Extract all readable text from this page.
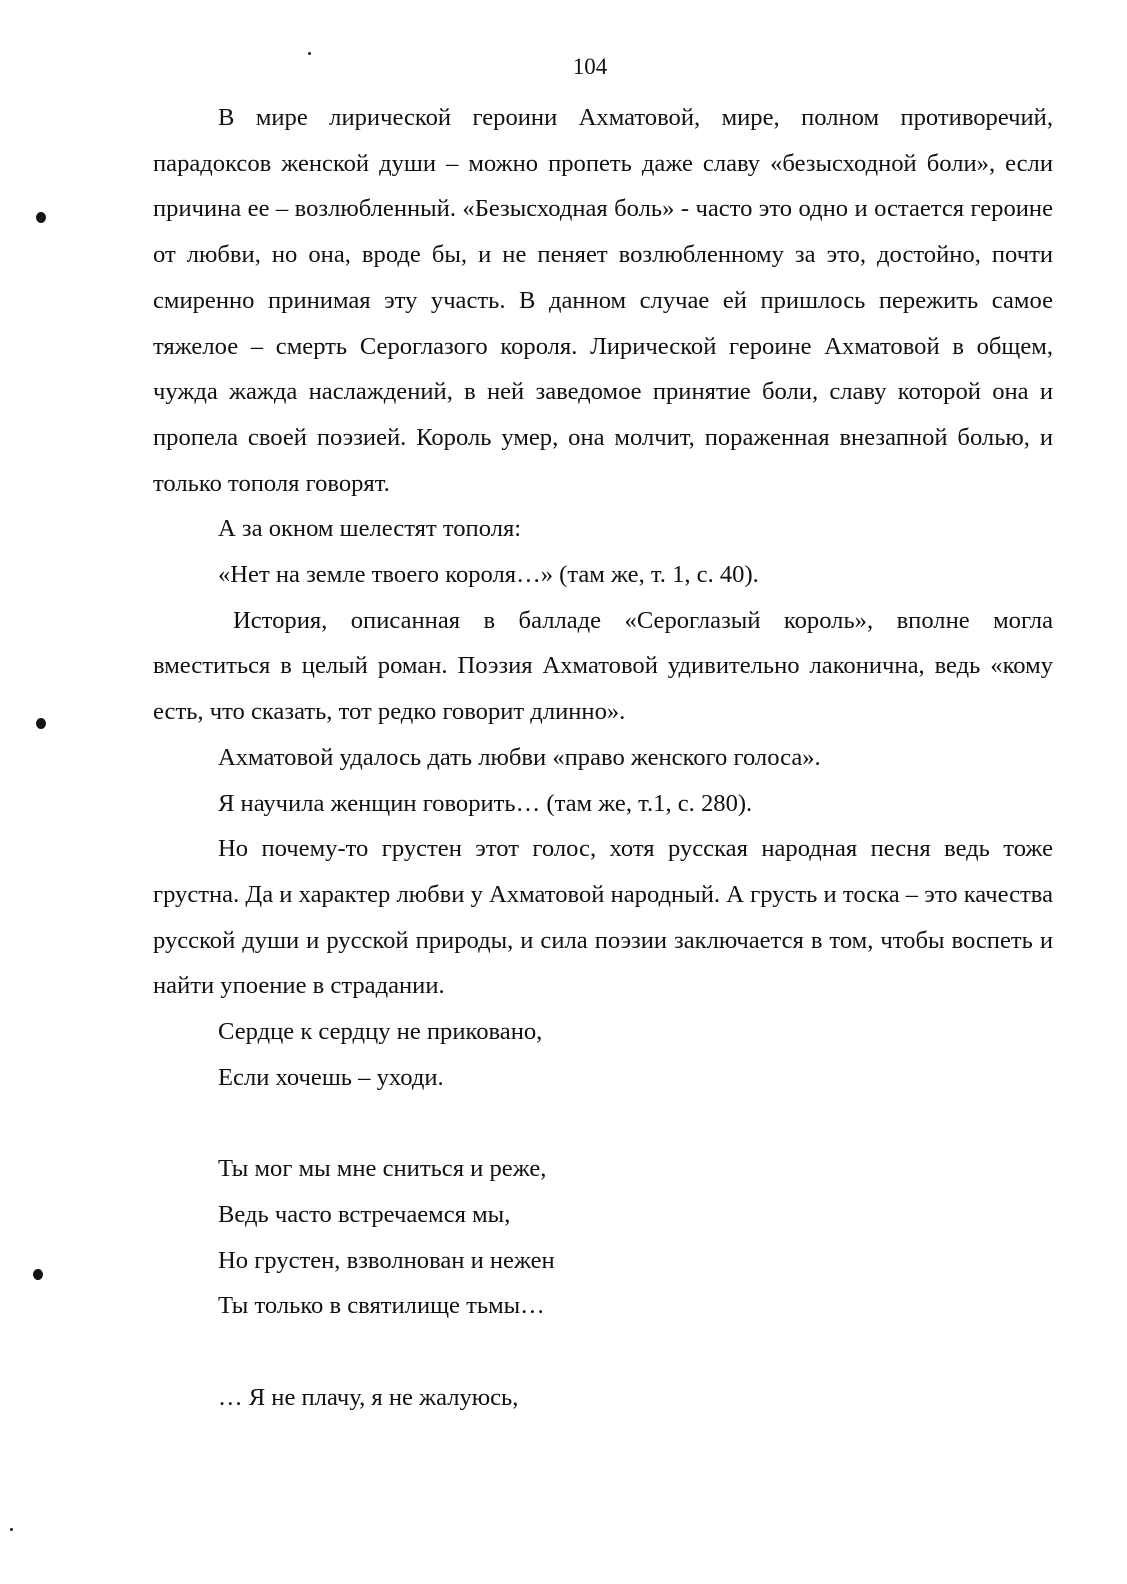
104

В мире лирической героини Ахматовой, мире, полном противоречий, парадоксов женской души – можно пропеть даже славу «безысходной боли», если причина ее – возлюбленный. «Безысходная боль» - часто это одно и остается героине от любви, но она, вроде бы, и не пеняет возлюбленному за это, достойно, почти смиренно принимая эту участь. В данном случае ей пришлось пережить самое тяжелое – смерть Сероглазого короля. Лирической героине Ахматовой в общем, чужда жажда наслаждений, в ней заведомое принятие боли, славу которой она и пропела своей поэзией. Король умер, она молчит, пораженная внезапной болью, и только тополя говорят.

А за окном шелестят тополя:

«Нет на земле твоего короля…» (там же, т. 1, с. 40).

История, описанная в балладе «Сероглазый король», вполне могла вместиться в целый роман. Поэзия Ахматовой удивительно лаконична, ведь «кому есть, что сказать, тот редко говорит длинно».

Ахматовой удалось дать любви «право женского голоса».

Я научила женщин говорить… (там же, т.1, с. 280).

Но почему-то грустен этот голос, хотя русская народная песня ведь тоже грустна. Да и характер любви у Ахматовой народный. А грусть и тоска – это качества русской души и русской природы, и сила поэзии заключается в том, чтобы воспеть и найти упоение в страдании.

Сердце к сердцу не приковано,

Если хочешь – уходи.

Ты мог мы мне сниться и реже,

Ведь часто встречаемся мы,

Но грустен, взволнован и нежен

Ты только в святилище тьмы…

… Я не плачу, я не жалуюсь,
